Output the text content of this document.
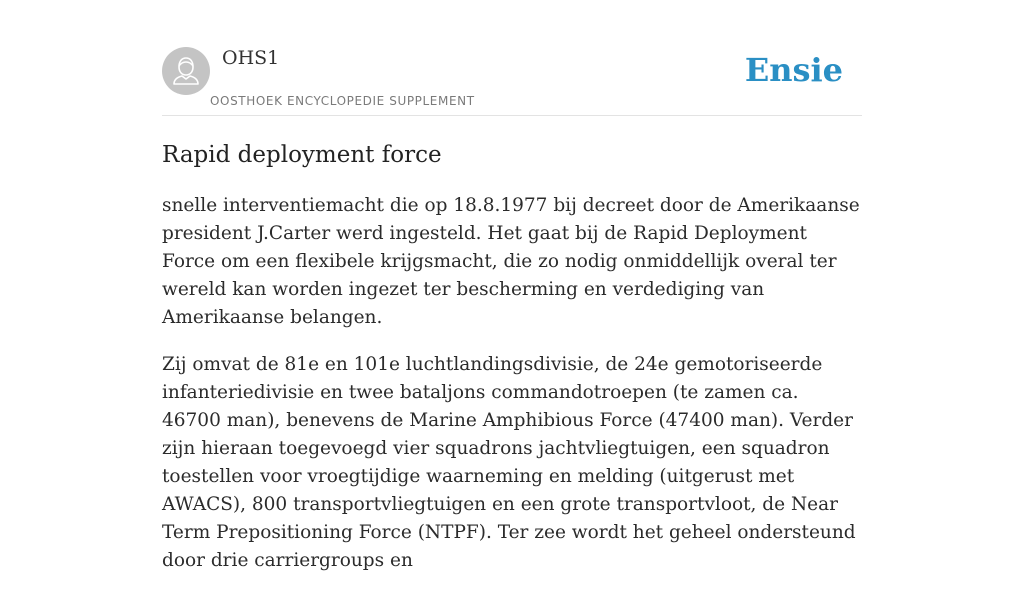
OHS1
OOSTHOEK ENCYCLOPEDIE SUPPLEMENT
Ensie
Rapid deployment force

snelle interventiemacht die op 18.8.1977 bij decreet door de Amerikaanse president J.Carter werd ingesteld. Het gaat bij de Rapid Deployment Force om een flexibele krijgsmacht, die zo nodig onmiddellijk overal ter wereld kan worden ingezet ter bescherming en verdediging van Amerikaanse belangen.

Zij omvat de 81e en 101e luchtlandingsdivisie, de 24e gemotoriseerde infanteriedivisie en twee bataljons commandotroepen (te zamen ca. 46700 man), benevens de Marine Amphibious Force (47400 man). Verder zijn hieraan toegevoegd vier squadrons jachtvliegtuigen, een squadron toestellen voor vroegtijdige waarneming en melding (uitgerust met AWACS), 800 transportvliegtuigen en een grote transportvloot, de Near Term Prepositioning Force (NTPF). Ter zee wordt het geheel ondersteund door drie carriergroups en
